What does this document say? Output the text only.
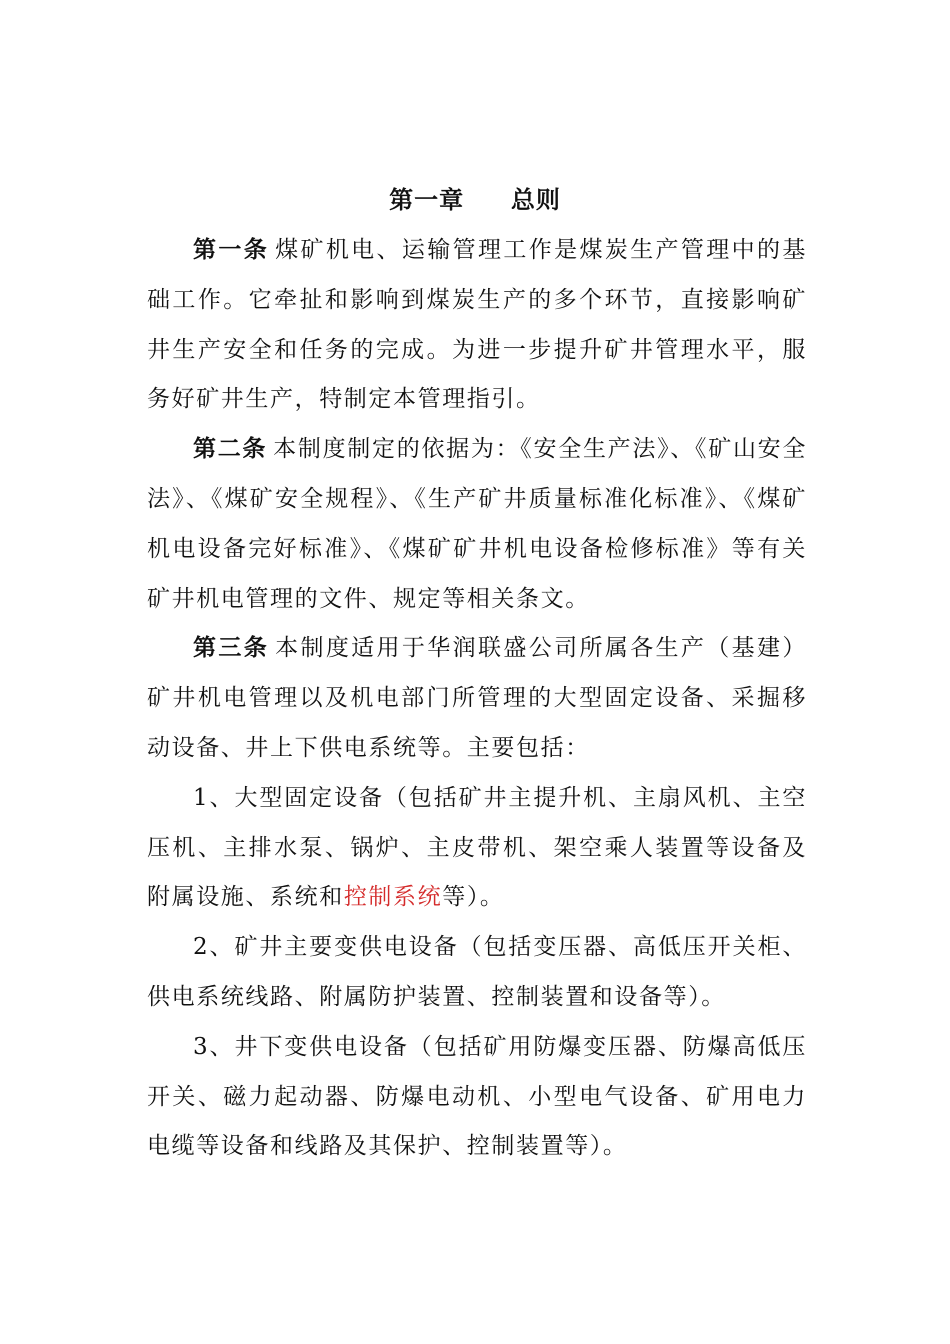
第一章     总则

第一条 煤矿机电、运输管理工作是煤炭生产管理中的基础工作。它牵扯和影响到煤炭生产的多个环节，直接影响矿井生产安全和任务的完成。为进一步提升矿井管理水平，服务好矿井生产，特制定本管理指引。

第二条 本制度制定的依据为：《安全生产法》、《矿山安全法》、《煤矿安全规程》、《生产矿井质量标准化标准》、《煤矿机电设备完好标准》、《煤矿矿井机电设备检修标准》等有关矿井机电管理的文件、规定等相关条文。

第三条 本制度适用于华润联盛公司所属各生产（基建）矿井机电管理以及机电部门所管理的大型固定设备、采掘移动设备、井上下供电系统等。主要包括：

1、大型固定设备（包括矿井主提升机、主扇风机、主空压机、主排水泵、锅炉、主皮带机、架空乘人装置等设备及附属设施、系统和控制系统等）。

2、矿井主要变供电设备（包括变压器、高低压开关柜、供电系统线路、附属防护装置、控制装置和设备等）。

3、井下变供电设备（包括矿用防爆变压器、防爆高低压开关、磁力起动器、防爆电动机、小型电气设备、矿用电力电缆等设备和线路及其保护、控制装置等）。
